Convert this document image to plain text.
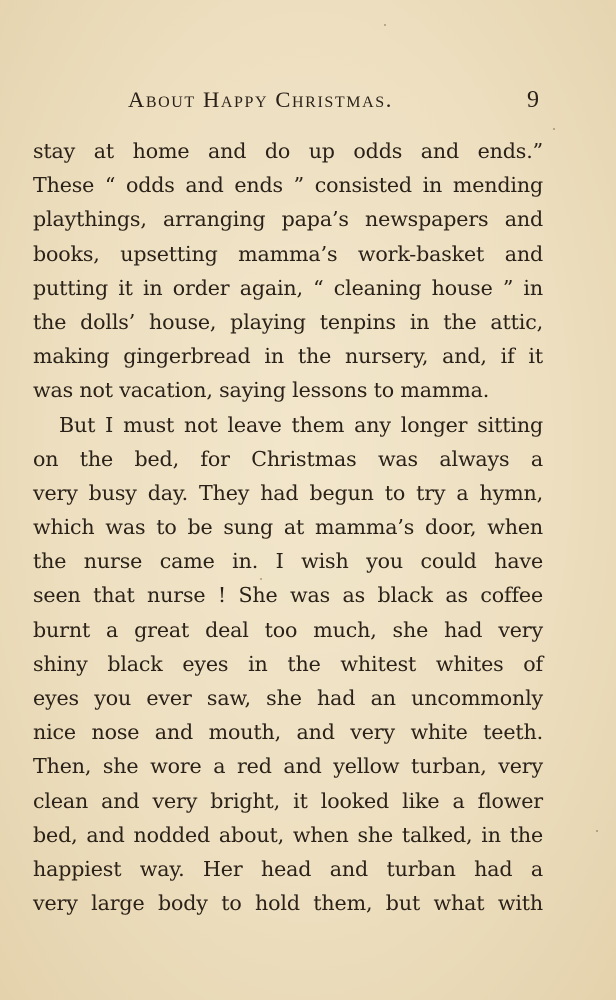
About Happy Christmas.	9
stay at home and do up odds and ends.”
These “ odds and ends ” consisted in mending
playthings, arranging papa’s newspapers and
books, upsetting mamma’s work-basket and
putting it in order again, “ cleaning house ” in
the dolls’ house, playing tenpins in the attic,
making gingerbread in the nursery, and, if it
was not vacation, saying lessons to mamma.
But I must not leave them any longer sitting
on the bed, for Christmas was always a
very busy day. They had begun to try a hymn,
which was to be sung at mamma’s door, when
the nurse came in. I wish you could have
seen that nurse ! She was as black as coffee
burnt a great deal too much, she had very
shiny black eyes in the whitest whites of
eyes you ever saw, she had an uncommonly
nice nose and mouth, and very white teeth.
Then, she wore a red and yellow turban, very
clean and very bright, it looked like a flower
bed, and nodded about, when she talked, in the
happiest way. Her head and turban had a
very large body to hold them, but what with
